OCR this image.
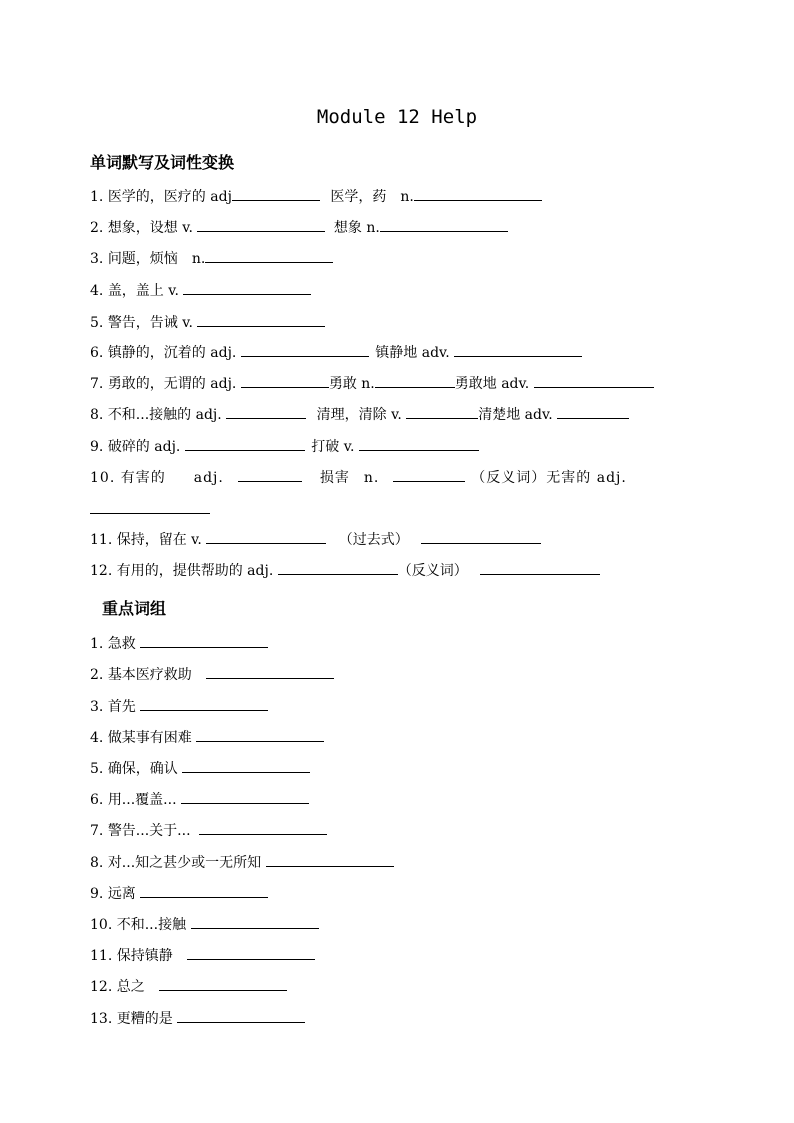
Module 12 Help
单词默写及词性变换
1. 医学的，医疗的 adj	医学，药 n.
2. 想象，设想 v.	想象 n.
3. 问题，烦恼 n.
4. 盖，盖上 v.
5. 警告，告诫 v.
6. 镇静的，沉着的 adj.	镇静地 adv.
7. 勇敢的，无谓的 adj.	勇敢 n.	勇敢地 adv.
8. 不和...接触的 adj.	清理，清除 v.	清楚地 adv.
9. 破碎的 adj.	打破 v.
10. 有害的 adj.	损害 n.	（反义词）无害的 adj.
11. 保持，留在 v.	（过去式）
12. 有用的，提供帮助的 adj.	（反义词）
重点词组
1. 急救
2. 基本医疗救助
3. 首先
4. 做某事有困难
5. 确保，确认
6. 用...覆盖...
7. 警告...关于...
8. 对...知之甚少或一无所知
9. 远离
10. 不和...接触
11. 保持镇静
12. 总之
13. 更糟的是
